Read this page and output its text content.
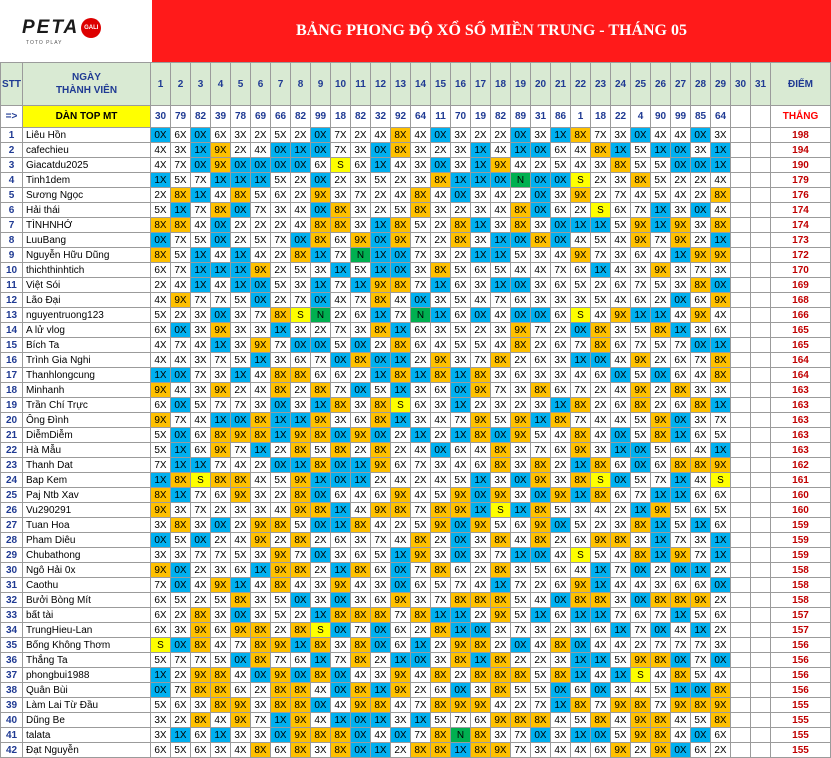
PETA GALI
TOTO PLAY
BẢNG PHONG ĐỘ XỔ SỐ MIỀN TRUNG - THÁNG 05
STT	NGÀY
THÀNH VIÊN	1	2	3	4	5	6	7	8	9	10	11	12	13	14	15	16	17	18	19	20	21	22	23	24	25	26	27	28	29	30	31	ĐIỂM
=>	DÀN TOP MT	30	79	82	39	78	69	66	82	99	18	82	32	92	64	11	70	19	82	89	31	86	1	18	22	4	90	99	85	64			THẮNG
1	Liêu Hồn	0X	6X	0X	6X	3X	2X	5X	2X	0X	7X	2X	4X	8X	4X	0X	3X	2X	2X	0X	3X	1X	8X	7X	3X	0X	4X	4X	0X	3X			198
2	cafechieu	4X	3X	1X	9X	2X	4X	0X	1X	0X	7X	3X	0X	8X	3X	2X	3X	1X	4X	1X	0X	6X	4X	8X	1X	5X	1X	0X	3X	1X			194
3	Giacatdu2025	4X	7X	0X	9X	0X	0X	0X	0X	6X	S	6X	1X	4X	3X	0X	3X	1X	9X	4X	2X	5X	4X	3X	8X	5X	5X	0X	0X	1X			190
4	Tinh1dem	1X	5X	7X	1X	1X	1X	5X	2X	0X	2X	3X	5X	2X	3X	8X	1X	1X	0X	N	0X	0X	S	2X	3X	8X	5X	2X	2X	4X			179
5	Sương Ngọc	2X	8X	1X	4X	8X	5X	6X	2X	9X	3X	7X	2X	4X	8X	4X	0X	3X	4X	2X	0X	3X	9X	2X	7X	4X	5X	4X	2X	8X			176
6	Hải thái	5X	1X	7X	8X	0X	7X	3X	4X	0X	8X	3X	2X	5X	8X	3X	2X	3X	4X	8X	0X	6X	2X	S	6X	7X	1X	3X	0X	4X			174
7	TÌNHNHỚ	8X	8X	4X	0X	2X	2X	2X	4X	8X	8X	3X	1X	8X	5X	2X	8X	1X	3X	8X	3X	0X	1X	1X	5X	9X	1X	9X	3X	8X			174
8	LuuBang	0X	7X	5X	0X	2X	5X	7X	0X	8X	6X	9X	0X	9X	7X	2X	8X	3X	1X	0X	8X	0X	4X	5X	4X	9X	7X	9X	2X	1X			173
9	Nguyễn Hữu Dũng	8X	5X	1X	4X	1X	4X	2X	8X	1X	7X	N	1X	0X	7X	3X	2X	1X	1X	5X	3X	4X	9X	7X	3X	6X	4X	1X	9X	9X			172
10	thichthinhtich	6X	7X	1X	1X	1X	9X	2X	5X	3X	1X	5X	1X	0X	3X	8X	5X	6X	5X	4X	4X	7X	6X	1X	4X	3X	9X	3X	7X	3X			170
11	Việt Sói	2X	4X	1X	4X	1X	0X	5X	3X	1X	7X	1X	9X	8X	7X	1X	6X	3X	1X	0X	3X	6X	5X	2X	6X	7X	5X	3X	8X	0X			169
12	Lão Đại	4X	9X	7X	7X	5X	0X	2X	7X	0X	4X	7X	8X	4X	0X	3X	5X	4X	7X	6X	3X	3X	3X	5X	4X	6X	2X	0X	6X	9X			168
13	nguyentruong123	5X	2X	3X	0X	3X	7X	8X	S	N	2X	6X	1X	7X	N	1X	6X	0X	4X	0X	0X	6X	S	4X	9X	1X	1X	4X	9X	4X			166
14	A lử vlog	6X	0X	3X	9X	3X	3X	1X	3X	2X	7X	3X	8X	1X	6X	3X	5X	2X	3X	9X	7X	2X	0X	8X	3X	5X	8X	1X	3X	6X			165
15	Bích Ta	4X	7X	4X	1X	3X	9X	7X	0X	0X	5X	0X	2X	8X	6X	4X	5X	5X	4X	8X	2X	6X	7X	8X	6X	7X	5X	7X	0X	1X			165
16	Trình Gia Nghi	4X	4X	3X	7X	5X	1X	3X	6X	7X	0X	8X	0X	1X	2X	9X	3X	7X	8X	2X	6X	3X	1X	0X	4X	9X	2X	6X	7X	8X			164
17	Thanhlongcung	1X	0X	7X	3X	1X	4X	8X	8X	6X	6X	2X	1X	8X	1X	8X	1X	8X	3X	6X	3X	3X	4X	6X	0X	5X	0X	6X	4X	8X			164
18	Minhanh	9X	4X	3X	9X	2X	4X	8X	2X	8X	7X	0X	5X	1X	3X	6X	0X	9X	7X	3X	8X	6X	7X	2X	4X	9X	2X	8X	3X	3X			163
19	Trần Chí Trực	6X	0X	5X	7X	7X	3X	0X	3X	1X	8X	3X	8X	S	6X	3X	1X	2X	3X	2X	3X	1X	8X	2X	6X	8X	2X	6X	8X	1X			163
20	Ông Đình	9X	7X	4X	1X	0X	8X	1X	1X	9X	3X	6X	8X	1X	3X	4X	7X	9X	5X	9X	1X	8X	7X	4X	4X	5X	9X	0X	3X	7X			163
21	DiễmDiễm	5X	0X	6X	8X	9X	8X	1X	9X	8X	0X	9X	0X	2X	1X	2X	1X	8X	0X	9X	5X	4X	8X	4X	0X	5X	8X	1X	6X	5X			163
22	Hà Mẫu	5X	1X	6X	9X	7X	1X	2X	8X	5X	8X	2X	8X	2X	4X	0X	6X	4X	8X	3X	7X	6X	9X	3X	1X	0X	5X	6X	4X	1X			163
23	Thanh Dat	7X	1X	1X	7X	4X	2X	0X	1X	8X	0X	1X	9X	6X	7X	3X	4X	6X	8X	3X	8X	2X	1X	8X	6X	0X	6X	8X	8X	9X			162
24	Bap Kem	1X	8X	S	8X	8X	4X	5X	9X	1X	0X	1X	2X	4X	2X	4X	5X	1X	3X	0X	9X	3X	8X	S	0X	5X	7X	1X	4X	S			161
25	Paj Ntb Xav	8X	1X	7X	6X	9X	3X	2X	8X	0X	6X	4X	6X	9X	4X	5X	9X	0X	9X	3X	0X	9X	1X	8X	6X	7X	1X	1X	6X	6X			160
26	Vu290291	9X	3X	7X	2X	3X	3X	4X	9X	8X	1X	4X	9X	8X	7X	8X	9X	1X	S	1X	8X	5X	3X	4X	2X	1X	9X	5X	6X	5X			160
27	Tuan Hoa	3X	8X	3X	0X	2X	9X	8X	5X	0X	1X	8X	4X	2X	5X	9X	0X	9X	5X	6X	9X	0X	5X	2X	3X	8X	1X	5X	1X	6X			159
28	Pham Diêu	0X	5X	0X	2X	4X	9X	2X	8X	2X	6X	3X	7X	4X	8X	2X	0X	3X	8X	4X	8X	2X	6X	9X	8X	3X	1X	7X	3X	1X			159
29	Chubathong	3X	3X	7X	7X	5X	3X	9X	7X	0X	3X	6X	5X	1X	9X	3X	0X	3X	7X	1X	0X	4X	S	5X	4X	8X	1X	9X	7X	1X			159
30	Ngô Hải 0x	9X	0X	2X	3X	6X	1X	9X	8X	2X	1X	8X	6X	0X	7X	8X	6X	2X	8X	3X	5X	6X	4X	1X	7X	0X	2X	0X	1X	2X			158
31	Caothu	7X	0X	4X	9X	1X	4X	8X	4X	3X	9X	4X	3X	0X	6X	5X	7X	4X	1X	7X	2X	6X	9X	1X	4X	4X	3X	6X	6X	0X			158
32	Bưởi Bòng Mít	6X	5X	2X	5X	8X	3X	5X	0X	3X	0X	3X	6X	9X	3X	7X	8X	8X	8X	5X	4X	0X	8X	8X	3X	0X	8X	8X	9X	2X			158
33	bất tài	6X	2X	8X	3X	0X	3X	5X	2X	1X	8X	8X	8X	7X	8X	1X	1X	2X	9X	5X	1X	6X	1X	1X	7X	6X	7X	1X	5X	6X			157
34	TrungHieu-Lan	6X	3X	9X	6X	9X	8X	2X	8X	S	0X	7X	0X	6X	2X	8X	1X	0X	3X	7X	3X	2X	3X	6X	1X	7X	0X	4X	1X	2X			157
35	Bống Không Thơm	S	0X	8X	4X	7X	8X	9X	1X	8X	3X	8X	0X	6X	1X	2X	9X	8X	2X	0X	4X	8X	0X	4X	4X	2X	7X	7X	7X	3X			156
36	Thắng Ta	5X	7X	7X	5X	0X	8X	7X	6X	1X	7X	8X	2X	1X	0X	3X	8X	1X	8X	2X	2X	3X	1X	1X	5X	9X	8X	0X	7X	0X			156
37	phongbui1988	1X	2X	9X	8X	4X	0X	9X	0X	8X	0X	4X	3X	9X	4X	8X	2X	8X	8X	8X	5X	8X	1X	4X	1X	S	4X	8X	5X	4X			156
38	Quân Bùi	0X	7X	8X	8X	6X	2X	8X	8X	4X	0X	8X	1X	9X	2X	6X	0X	3X	8X	5X	5X	0X	6X	0X	3X	4X	5X	1X	0X	8X			156
39	Làm Lai Từ Đầu	5X	6X	3X	8X	9X	3X	8X	8X	0X	4X	9X	8X	4X	7X	8X	9X	9X	4X	2X	7X	1X	8X	7X	9X	8X	7X	9X	8X	9X			155
40	Dũng Be	3X	2X	8X	4X	9X	7X	1X	9X	4X	1X	0X	1X	3X	1X	5X	7X	6X	9X	8X	8X	4X	5X	8X	4X	9X	8X	4X	5X	8X			155
41	talata	3X	1X	6X	1X	3X	3X	0X	9X	8X	8X	0X	4X	0X	7X	8X	N	8X	3X	7X	0X	3X	1X	0X	5X	9X	8X	4X	0X	6X			155
42	Đạt Nguyễn	6X	5X	6X	3X	4X	8X	6X	8X	3X	8X	0X	1X	2X	8X	8X	1X	8X	9X	7X	3X	4X	4X	6X	9X	2X	9X	0X	6X	2X			155
